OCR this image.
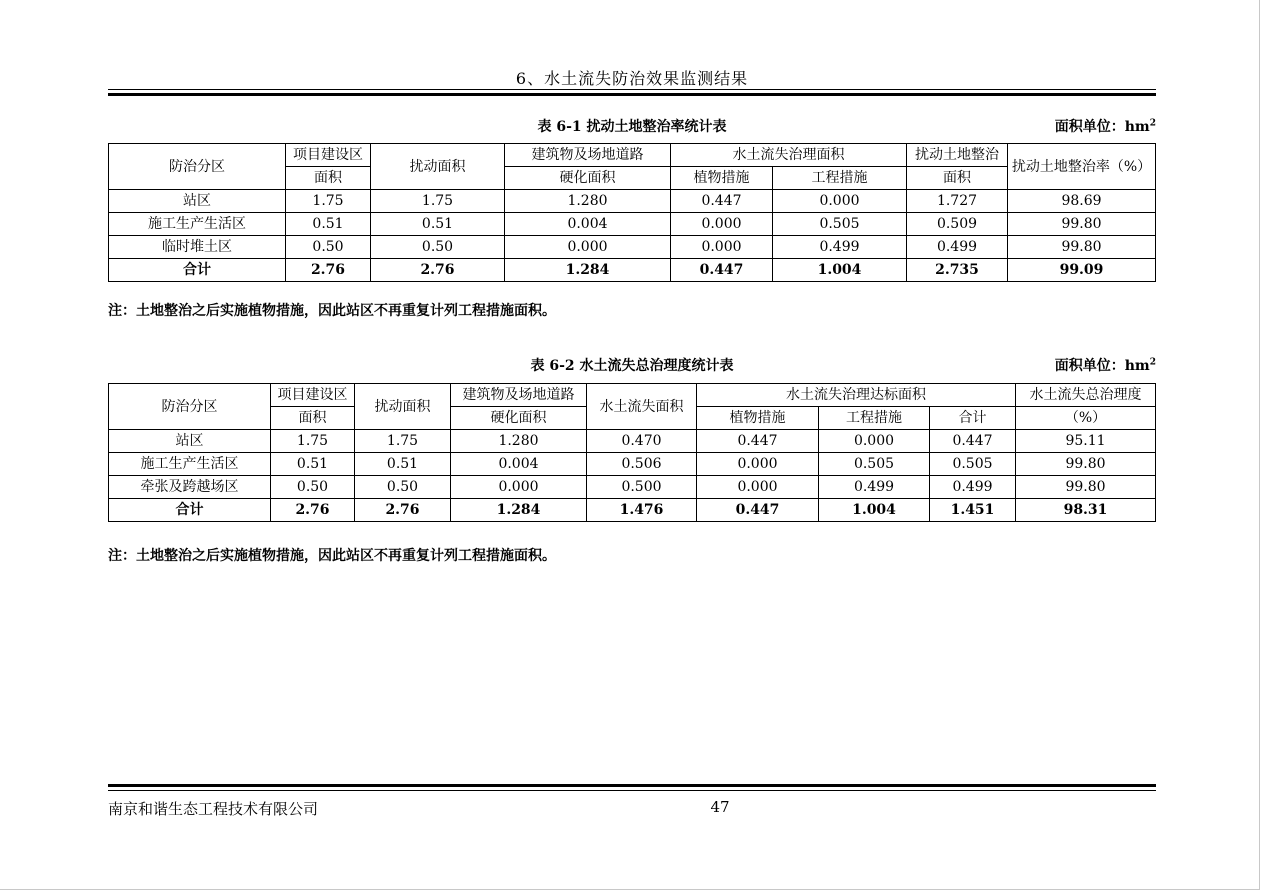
6、水土流失防治效果监测结果
表 6-1 扰动土地整治率统计表	面积单位：$hm^2$
防治分区	项目建设区	扰动面积	建筑物及场地道路	水土流失治理面积		扰动土地整治	扰动土地整治率（%）
	面积		硬化面积	植物措施	工程措施	面积	
站区	1.75	1.75	1.280	0.447	0.000	1.727	98.69
施工生产生活区	0.51	0.51	0.004	0.000	0.505	0.509	99.80
临时堆土区	0.50	0.50	0.000	0.000	0.499	0.499	99.80
合计	2.76	2.76	1.284	0.447	1.004	2.735	99.09
注：土地整治之后实施植物措施，因此站区不再重复计列工程措施面积。
表 6-2 水土流失总治理度统计表	面积单位：$hm^2$
防治分区	项目建设区	扰动面积	建筑物及场地道路	水土流失面积	水土流失治理达标面积			水土流失总治理度
	面积		硬化面积		植物措施	工程措施	合计	（%）
站区	1.75	1.75	1.280	0.470	0.447	0.000	0.447	95.11
施工生产生活区	0.51	0.51	0.004	0.506	0.000	0.505	0.505	99.80
牵张及跨越场区	0.50	0.50	0.000	0.500	0.000	0.499	0.499	99.80
合计	2.76	2.76	1.284	1.476	0.447	1.004	1.451	98.31
注：土地整治之后实施植物措施，因此站区不再重复计列工程措施面积。
南京和谐生态工程技术有限公司	47
